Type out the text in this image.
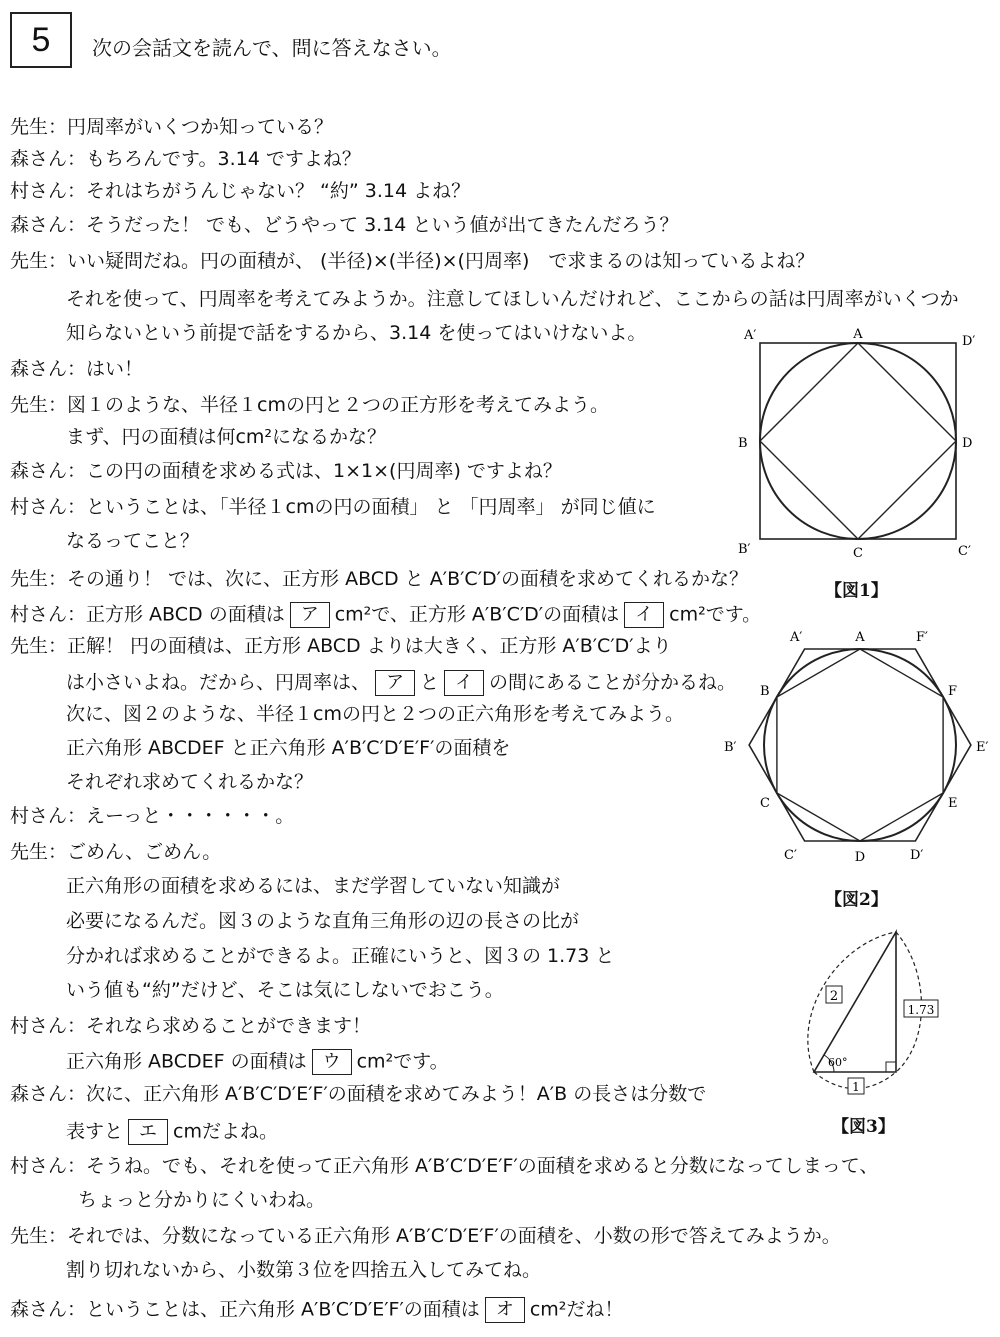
5	次の会話文を読んで、問に答えなさい。
先生：円周率がいくつか知っている？
森さん：もちろんです。3.14 ですよね？
村さん：それはちがうんじゃない？ “約” 3.14 よね？
森さん：そうだった！ でも、どうやって 3.14 という値が出てきたんだろう？
先生：いい疑問だね。円の面積が、 (半径)×(半径)×(円周率)　で求まるのは知っているよね？
それを使って、円周率を考えてみようか。注意してほしいんだけれど、ここからの話は円周率がいくつか
知らないという前提で話をするから、3.14 を使ってはいけないよ。
森さん：はい！
先生：図１のような、半径１cmの円と２つの正方形を考えてみよう。
まず、円の面積は何cm²になるかな？
森さん：この円の面積を求める式は、1×1×(円周率) ですよね？
村さん：ということは、「半径１cmの円の面積」 と 「円周率」 が同じ値に
なるってこと？
先生：その通り！ では、次に、正方形 ABCD と A′B′C′D′の面積を求めてくれるかな？
村さん：正方形 ABCD の面積は ア cm²で、正方形 A′B′C′D′の面積は イ cm²です。
先生：正解！ 円の面積は、正方形 ABCD よりは大きく、正方形 A′B′C′D′より
は小さいよね。だから、円周率は、 ア と イ の間にあることが分かるね。
次に、図２のような、半径１cmの円と２つの正六角形を考えてみよう。
正六角形 ABCDEF と正六角形 A′B′C′D′E′F′の面積を
それぞれ求めてくれるかな？
村さん：えーっと・・・・・・。
先生：ごめん、ごめん。
正六角形の面積を求めるには、まだ学習していない知識が
必要になるんだ。図３のような直角三角形の辺の長さの比が
分かれば求めることができるよ。正確にいうと、図３の 1.73 と
いう値も“約”だけど、そこは気にしないでおこう。
村さん：それなら求めることができます！
正六角形 ABCDEF の面積は ウ cm²です。
森さん：次に、正六角形 A′B′C′D′E′F′の面積を求めてみよう！A′B の長さは分数で
表すと エ cmだよね。
村さん：そうね。でも、それを使って正六角形 A′B′C′D′E′F′の面積を求めると分数になってしまって、
ちょっと分かりにくいわね。
先生：それでは、分数になっている正六角形 A′B′C′D′E′F′の面積を、小数の形で答えてみようか。
割り切れないから、小数第３位を四捨五入してみてね。
森さん：ということは、正六角形 A′B′C′D′E′F′の面積は オ cm²だね！
A
B
C
D
A′
B′	C′
D′
【図1】
A
B
C
D
E
F
A′
B′
C′	D′
E′
F′
【図2】
2
1.73
1
60°
【図3】
